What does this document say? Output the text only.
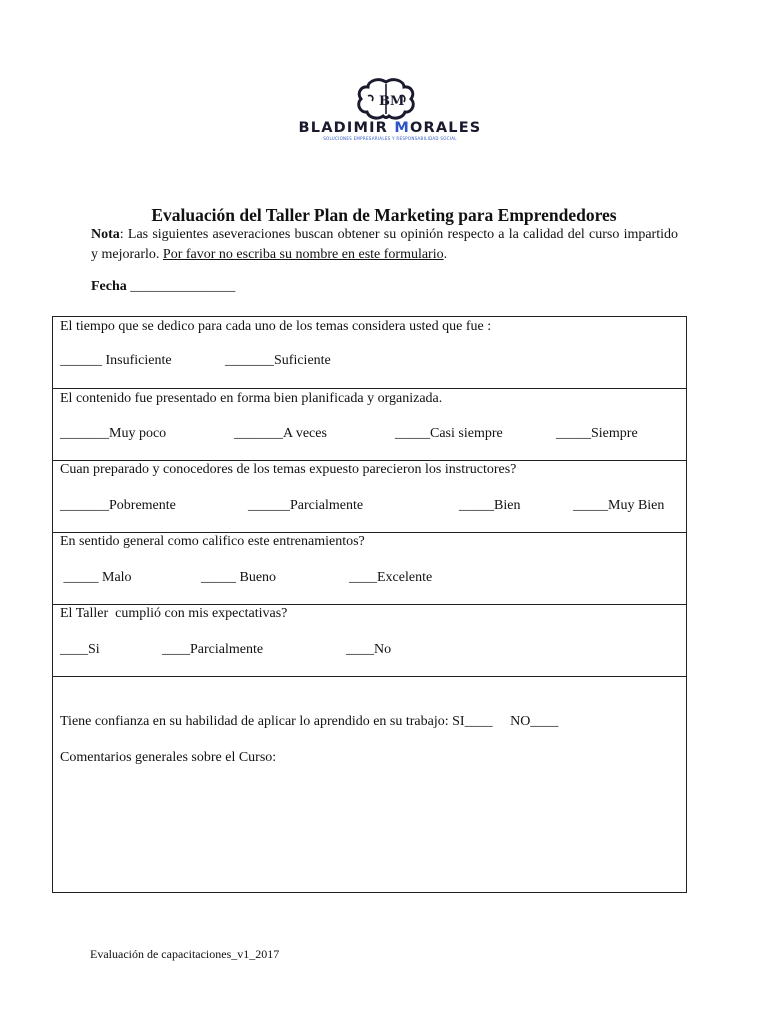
BM
BLADIMIR MORALES
SOLUCIONES EMPRESARIALES Y RESPONSABILIDAD SOCIAL
Evaluación del Taller Plan de Marketing para Emprendedores
Nota: Las siguientes aseveraciones buscan obtener su opinión respecto a la calidad del curso impartido y mejorarlo. Por favor no escriba su nombre en este formulario.
Fecha _______________
El tiempo que se dedico para cada uno de los temas considera usted que fue :
______ Insuficiente	_______Suficiente
El contenido fue presentado en forma bien planificada y organizada.
_______Muy poco	_______A veces	_____Casi siempre	_____Siempre
Cuan preparado y conocedores de los temas expuesto parecieron los instructores?
_______Pobremente	______Parcialmente	_____Bien	_____Muy Bien
En sentido general como califico este entrenamientos?
_____ Malo	_____ Bueno	____Excelente
El Taller  cumplió con mis expectativas?
____Si	____Parcialmente	____No
Tiene confianza en su habilidad de aplicar lo aprendido en su trabajo: SI____     NO____
Comentarios generales sobre el Curso:
Evaluación de capacitaciones_v1_2017
